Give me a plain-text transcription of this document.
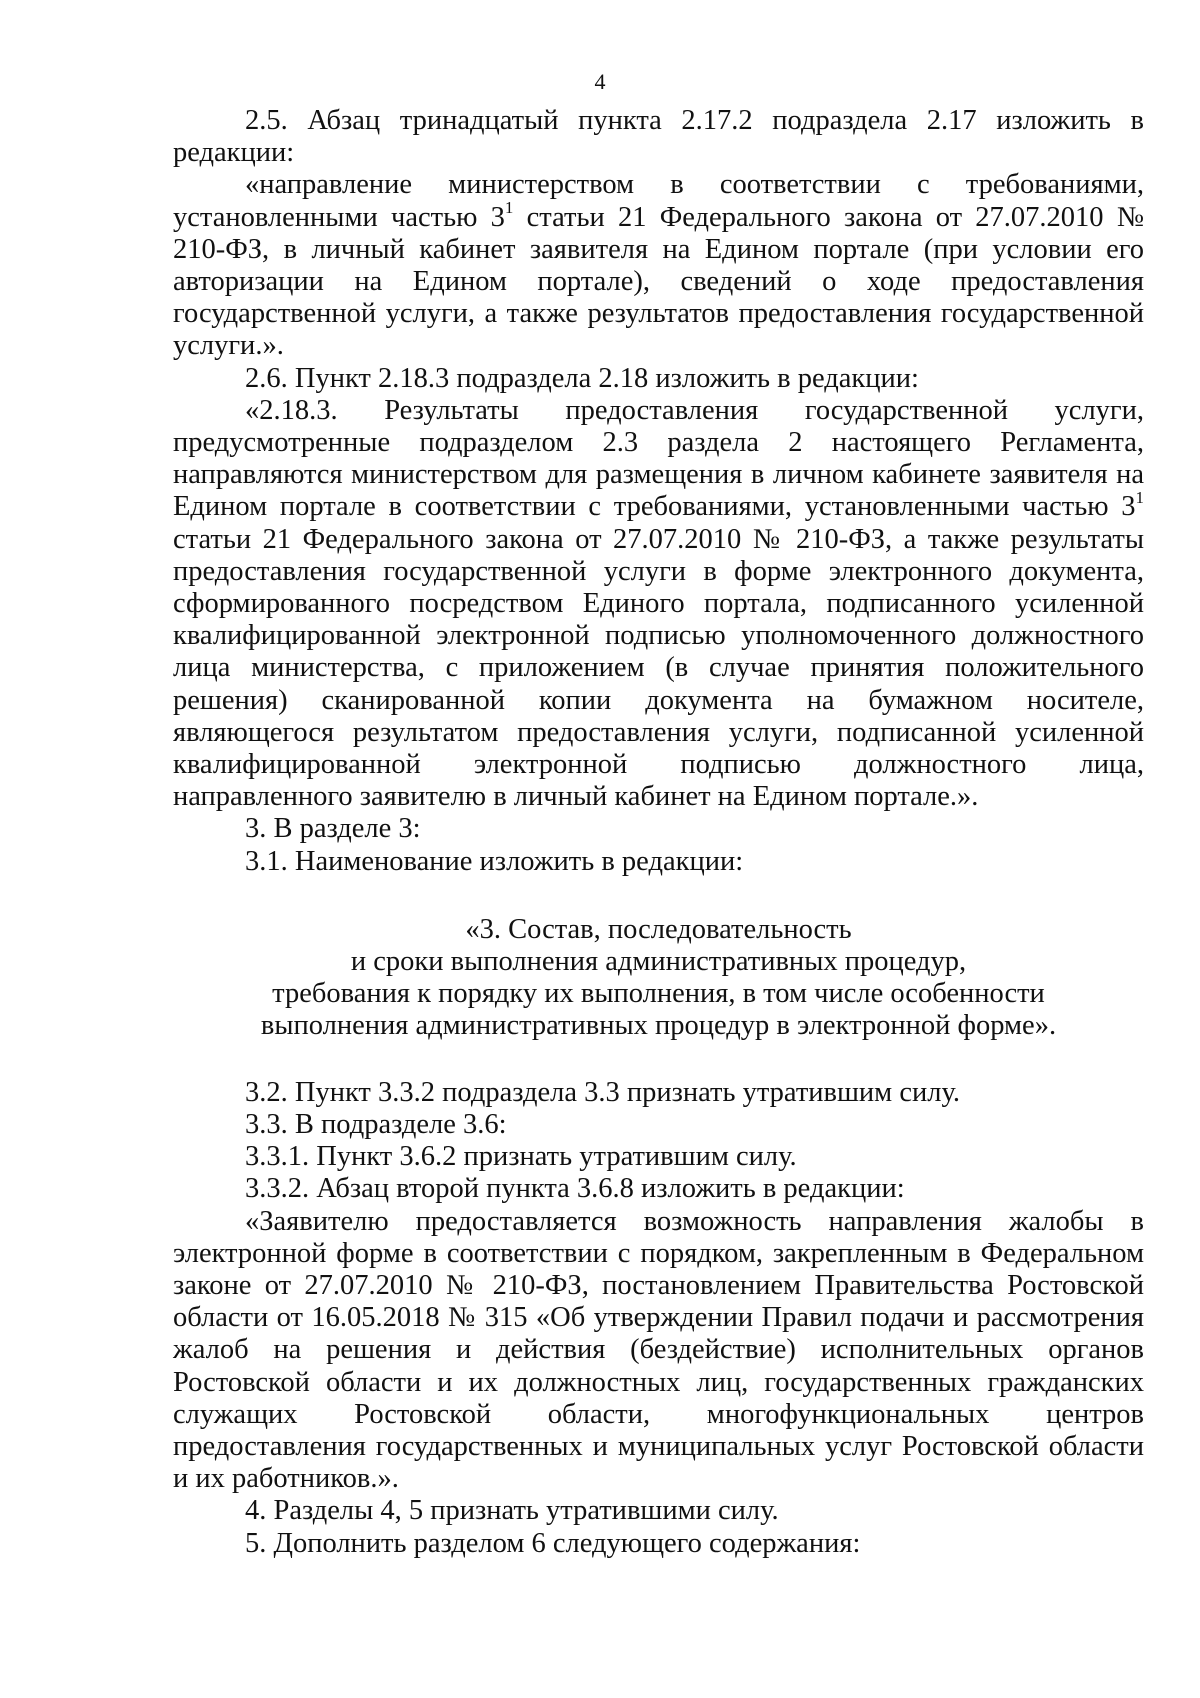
4

2.5. Абзац тринадцатый пункта 2.17.2 подраздела 2.17 изложить в редакции:

«направление министерством в соответствии с требованиями, установленными частью $3^1$ статьи 21 Федерального закона от 27.07.2010 № 210-ФЗ, в личный кабинет заявителя на Едином портале (при условии его авторизации на Едином портале), сведений о ходе предоставления государственной услуги, а также результатов предоставления государственной услуги.».

2.6. Пункт 2.18.3 подраздела 2.18 изложить в редакции:

«2.18.3. Результаты предоставления государственной услуги, предусмотренные подразделом 2.3 раздела 2 настоящего Регламента, направляются министерством для размещения в личном кабинете заявителя на Едином портале в соответствии с требованиями, установленными частью $3^1$ статьи 21 Федерального закона от 27.07.2010 № 210-ФЗ, а также результаты предоставления государственной услуги в форме электронного документа, сформированного посредством Единого портала, подписанного усиленной квалифицированной электронной подписью уполномоченного должностного лица министерства, с приложением (в случае принятия положительного решения) сканированной копии документа на бумажном носителе, являющегося результатом предоставления услуги, подписанной усиленной квалифицированной электронной подписью должностного лица, направленного заявителю в личный кабинет на Едином портале.».

3. В разделе 3:

3.1. Наименование изложить в редакции:

«3. Состав, последовательность
и сроки выполнения административных процедур,
требования к порядку их выполнения, в том числе особенности
выполнения административных процедур в электронной форме».

3.2. Пункт 3.3.2 подраздела 3.3 признать утратившим силу.

3.3. В подразделе 3.6:

3.3.1. Пункт 3.6.2 признать утратившим силу.

3.3.2. Абзац второй пункта 3.6.8 изложить в редакции:

«Заявителю предоставляется возможность направления жалобы в электронной форме в соответствии с порядком, закрепленным в Федеральном законе от 27.07.2010 № 210-ФЗ, постановлением Правительства Ростовской области от 16.05.2018 № 315 «Об утверждении Правил подачи и рассмотрения жалоб на решения и действия (бездействие) исполнительных органов Ростовской области и их должностных лиц, государственных гражданских служащих Ростовской области, многофункциональных центров предоставления государственных и муниципальных услуг Ростовской области и их работников.».

4. Разделы 4, 5 признать утратившими силу.

5. Дополнить разделом 6 следующего содержания:
